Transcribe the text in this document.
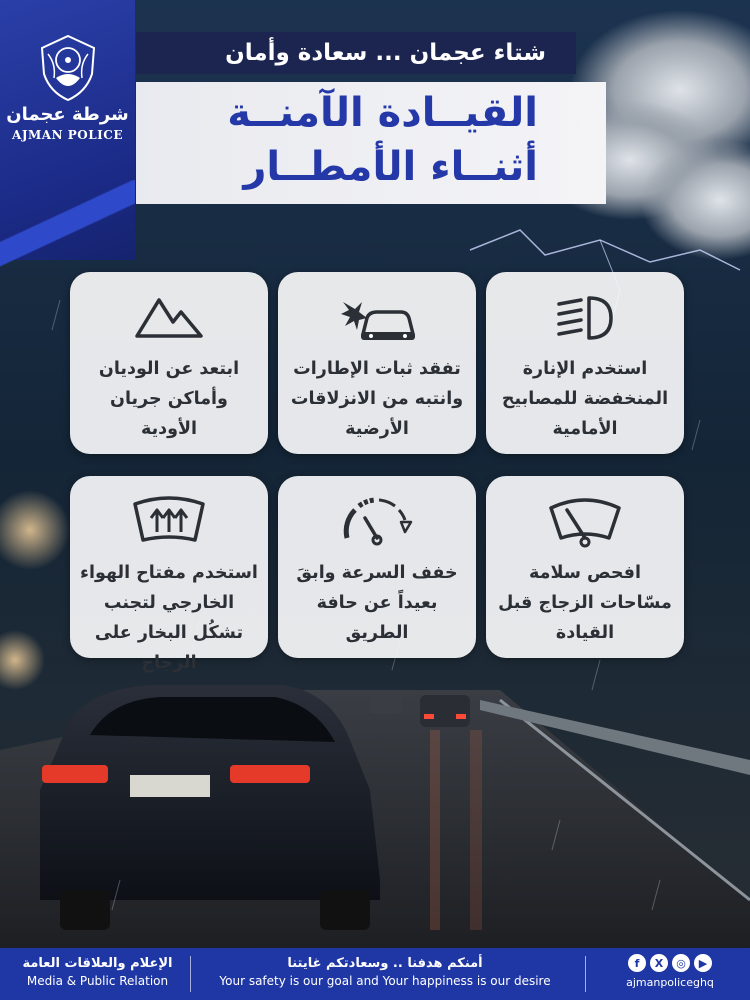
شرطة عجمان
AJMAN POLICE
شتاء عجمان ... سعادة وأمان
القيــادة الآمنــة
أثنــاء الأمطــار
استخدم الإنارة المنخفضة للمصابيح الأمامية
تفقد ثبات الإطارات وانتبه من الانزلاقات الأرضية
ابتعد عن الوديان وأماكن جريان الأودية
افحص سلامة مسّاحات الزجاج قبل القيادة
خفف السرعة وابقَ بعيداً عن حافة الطريق
استخدم مفتاح الهواء الخارجي لتجنب تشكُل البخار على الزجاج
الإعلام والعلاقات العامة
Media & Public Relation
أمنكم هدفنا .. وسعادتكم غايتنا
Your safety is our goal and Your happiness is our desire
f	X	◎	▶
ajmanpoliceghq
